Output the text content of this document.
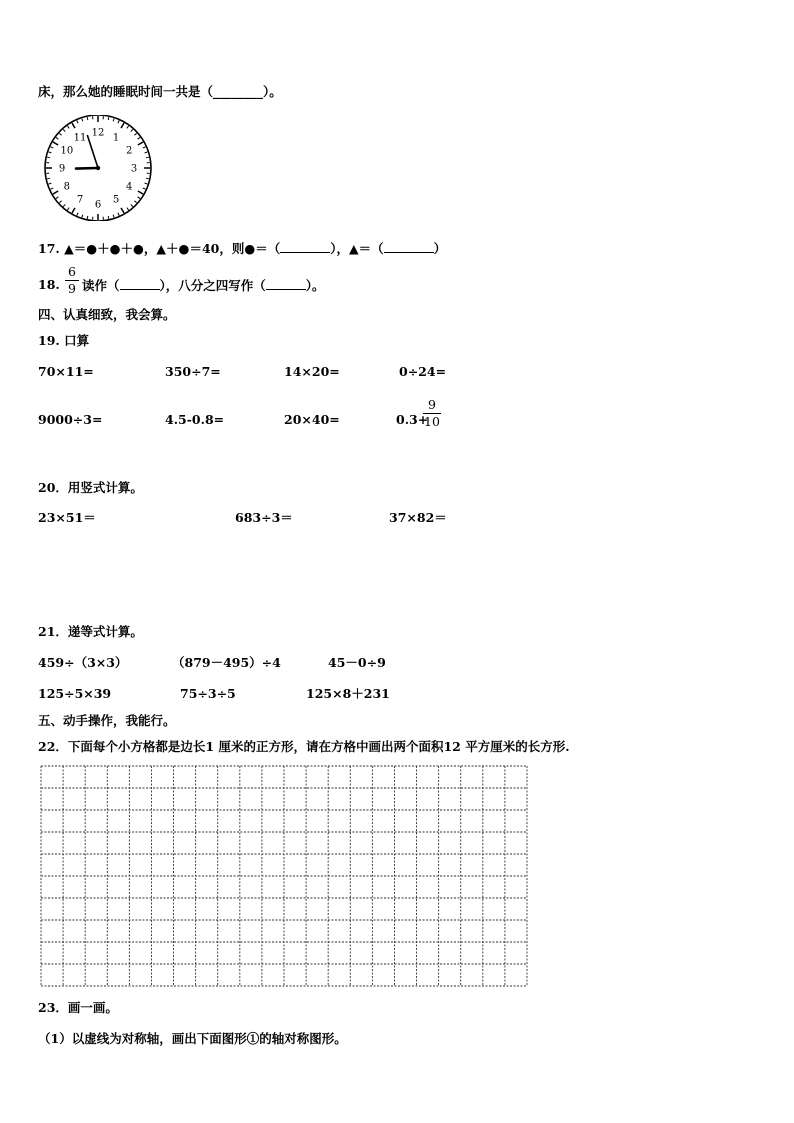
床，那么她的睡眠时间一共是（________）。
12 1
2
3
4
5
6
7
8
9
10
11
17. ▲＝●＋●＋●，▲＋●＝40，则●＝（	），▲＝（	）
18.
6
9 读作（	），八分之四写作（	）。
四、认真细致，我会算。
19. 口算
70×11=	350÷7=	14×20=	0÷24=
9000÷3=	4.5-0.8=	20×40=	0.3+
9
10
20．用竖式计算。
23×51＝	683÷3＝	37×82＝
21．递等式计算。
459÷（3×3）	（879－495）÷4	45－0÷9
125÷5×39	75÷3÷5	125×8＋231
五、动手操作，我能行。
22．下面每个小方格都是边长1 厘米的正方形，请在方格中画出两个面积12 平方厘米的长方形.
23．画一画。
（1）以虚线为对称轴，画出下面图形①的轴对称图形。
